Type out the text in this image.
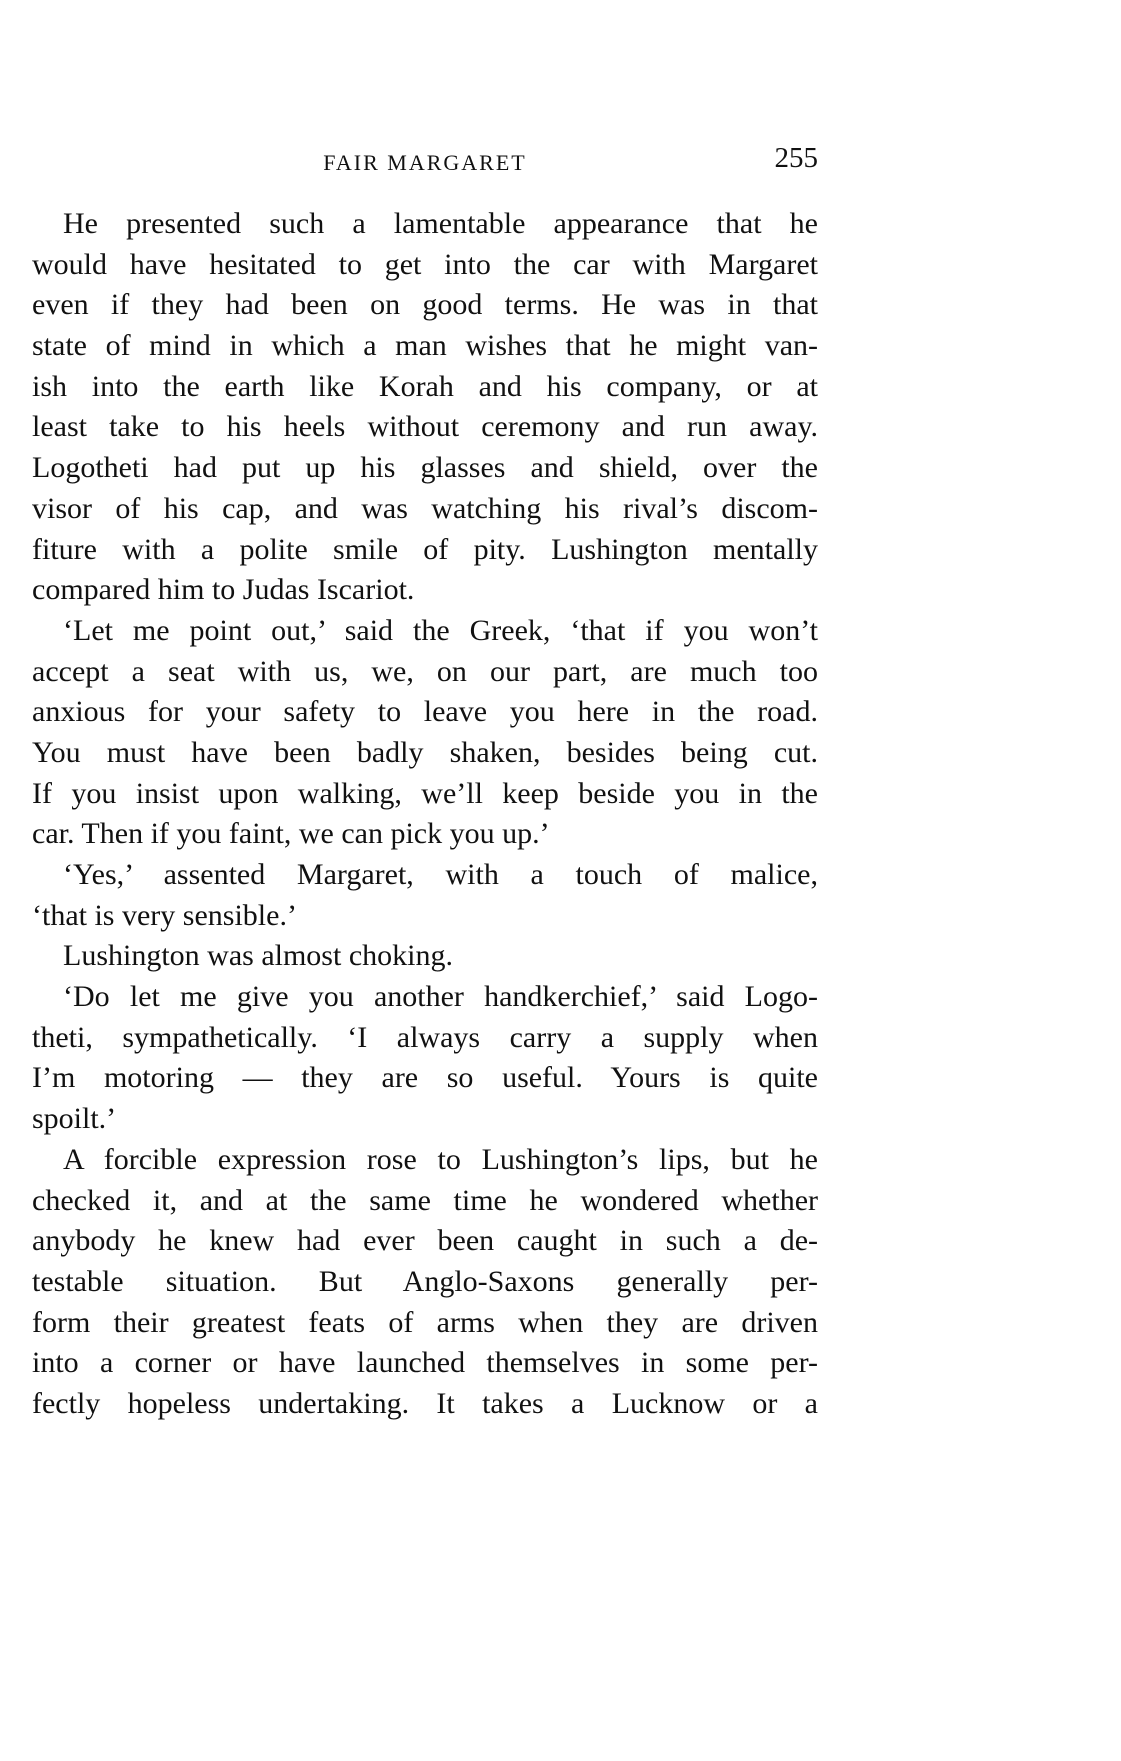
FAIR MARGARET	255
He presented such a lamentable appearance that he
would have hesitated to get into the car with Margaret
even if they had been on good terms. He was in that
state of mind in which a man wishes that he might van-
ish into the earth like Korah and his company, or at
least take to his heels without ceremony and run away.
Logotheti had put up his glasses and shield, over the
visor of his cap, and was watching his rival’s discom-
fiture with a polite smile of pity. Lushington mentally
compared him to Judas Iscariot.
‘Let me point out,’ said the Greek, ‘that if you won’t
accept a seat with us, we, on our part, are much too
anxious for your safety to leave you here in the road.
You must have been badly shaken, besides being cut.
If you insist upon walking, we’ll keep beside you in the
car. Then if you faint, we can pick you up.’
‘Yes,’ assented Margaret, with a touch of malice,
‘that is very sensible.’
Lushington was almost choking.
‘Do let me give you another handkerchief,’ said Logo-
theti, sympathetically. ‘I always carry a supply when
I’m motoring — they are so useful. Yours is quite
spoilt.’
A forcible expression rose to Lushington’s lips, but he
checked it, and at the same time he wondered whether
anybody he knew had ever been caught in such a de-
testable situation. But Anglo-Saxons generally per-
form their greatest feats of arms when they are driven
into a corner or have launched themselves in some per-
fectly hopeless undertaking. It takes a Lucknow or a
